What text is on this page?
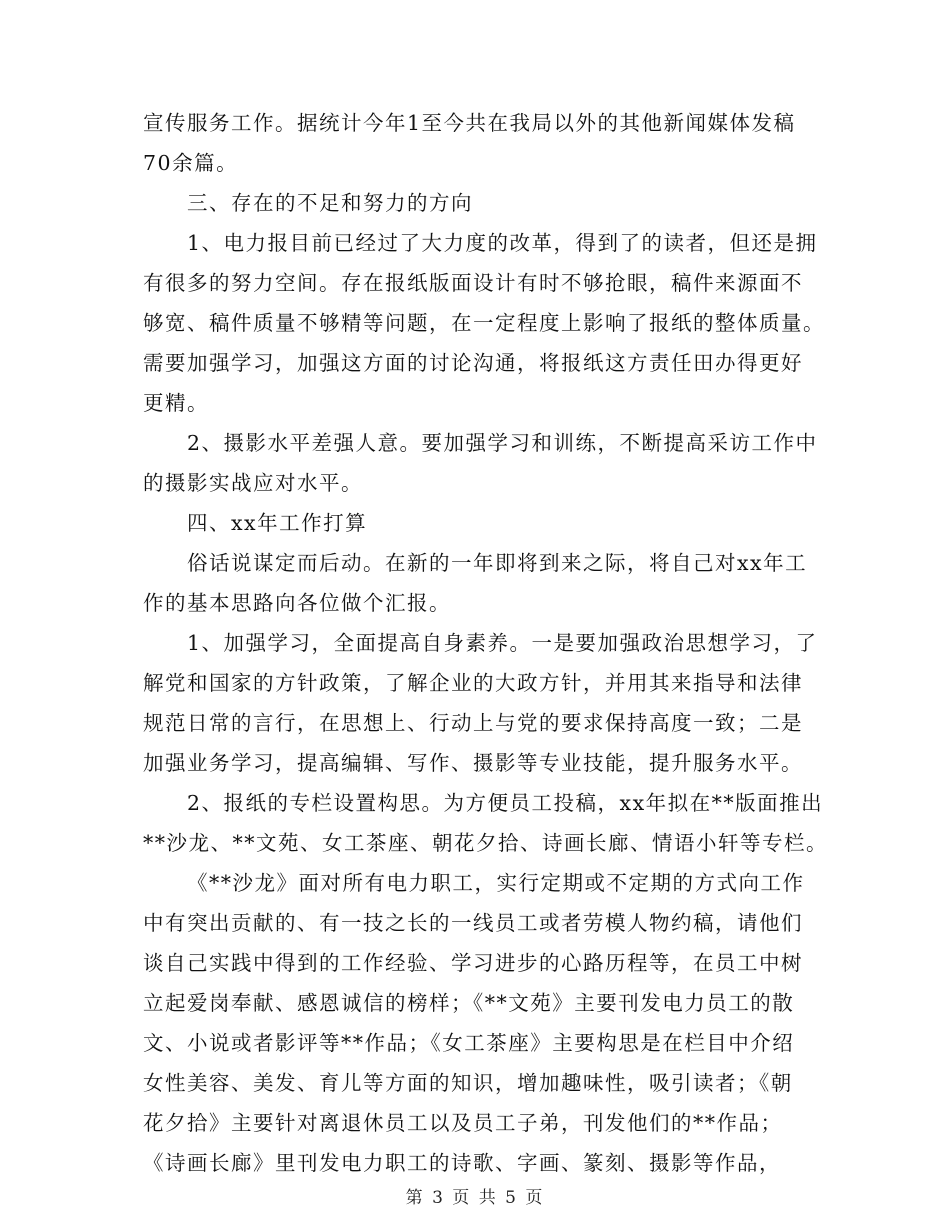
宣传服务工作。据统计今年1至今共在我局以外的其他新闻媒体发稿
70余篇。
三、存在的不足和努力的方向
1、电力报目前已经过了大力度的改革，得到了的读者，但还是拥
有很多的努力空间。存在报纸版面设计有时不够抢眼，稿件来源面不
够宽、稿件质量不够精等问题，在一定程度上影响了报纸的整体质量。
需要加强学习，加强这方面的讨论沟通，将报纸这方责任田办得更好
更精。
2、摄影水平差强人意。要加强学习和训练，不断提高采访工作中
的摄影实战应对水平。
四、xx年工作打算
俗话说谋定而后动。在新的一年即将到来之际，将自己对xx年工
作的基本思路向各位做个汇报。
1、加强学习，全面提高自身素养。一是要加强政治思想学习，了
解党和国家的方针政策，了解企业的大政方针，并用其来指导和法律
规范日常的言行，在思想上、行动上与党的要求保持高度一致；二是
加强业务学习，提高编辑、写作、摄影等专业技能，提升服务水平。
2、报纸的专栏设置构思。为方便员工投稿，xx年拟在**版面推出
**沙龙、**文苑、女工茶座、朝花夕拾、诗画长廊、情语小轩等专栏。
《**沙龙》面对所有电力职工，实行定期或不定期的方式向工作
中有突出贡献的、有一技之长的一线员工或者劳模人物约稿，请他们
谈自己实践中得到的工作经验、学习进步的心路历程等，在员工中树
立起爱岗奉献、感恩诚信的榜样；《**文苑》主要刊发电力员工的散
文、小说或者影评等**作品；《女工茶座》主要构思是在栏目中介绍
女性美容、美发、育儿等方面的知识，增加趣味性，吸引读者；《朝
花夕拾》主要针对离退休员工以及员工子弟，刊发他们的**作品；
《诗画长廊》里刊发电力职工的诗歌、字画、篆刻、摄影等作品，
第 3 页 共 5 页
